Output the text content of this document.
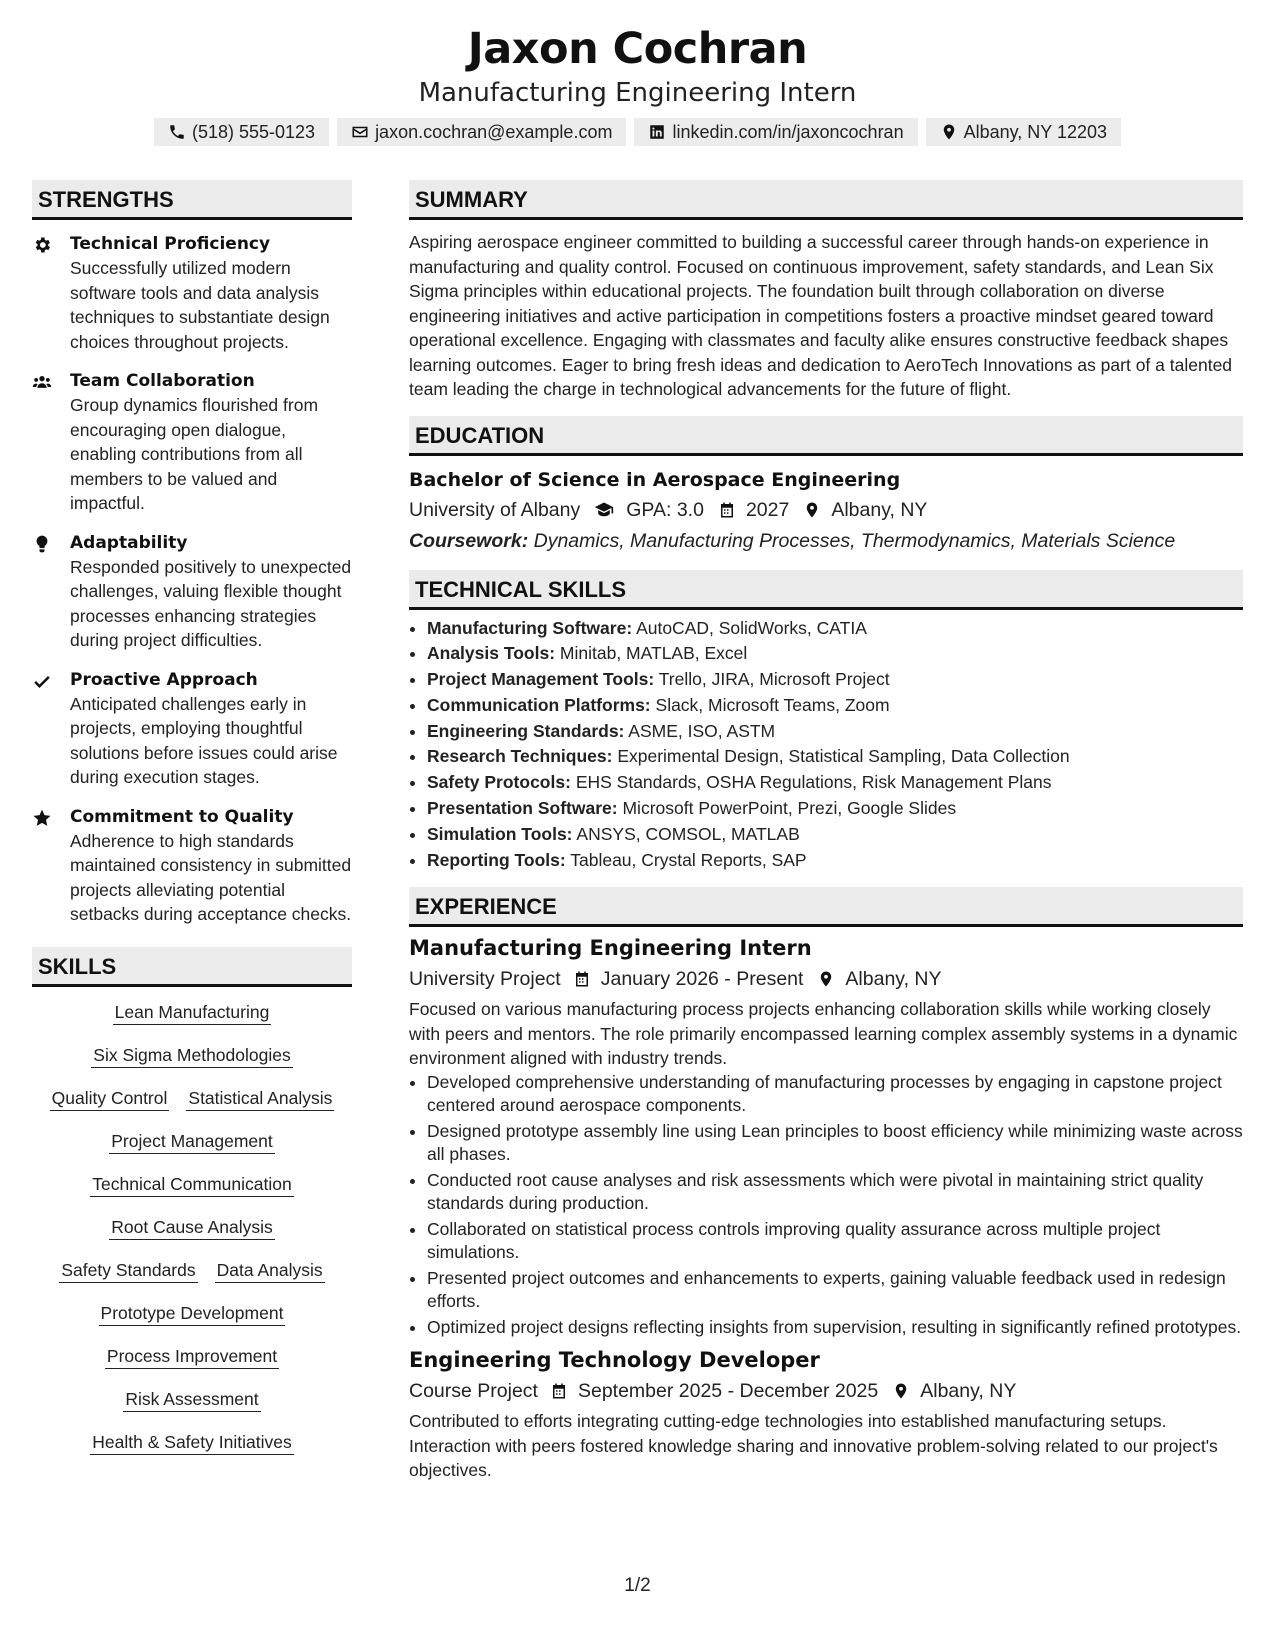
Jaxon Cochran

Manufacturing Engineering Intern

(518) 555-0123	jaxon.cochran@example.com	linkedin.com/in/jaxoncochran	Albany, NY 12203
STRENGTHS
Technical Proficiency
Successfully utilized modern software tools and data analysis techniques to substantiate design choices throughout projects.
Team Collaboration
Group dynamics flourished from encouraging open dialogue, enabling contributions from all members to be valued and impactful.
Adaptability
Responded positively to unexpected challenges, valuing flexible thought processes enhancing strategies during project difficulties.
Proactive Approach
Anticipated challenges early in projects, employing thoughtful solutions before issues could arise during execution stages.
Commitment to Quality
Adherence to high standards maintained consistency in submitted projects alleviating potential setbacks during acceptance checks.
SKILLS
Lean Manufacturing
Six Sigma Methodologies
Quality Control Statistical Analysis
Project Management
Technical Communication
Root Cause Analysis
Safety Standards Data Analysis
Prototype Development
Process Improvement
Risk Assessment
Health & Safety Initiatives
SUMMARY

Aspiring aerospace engineer committed to building a successful career through hands-on experience in manufacturing and quality control. Focused on continuous improvement, safety standards, and Lean Six Sigma principles within educational projects. The foundation built through collaboration on diverse engineering initiatives and active participation in competitions fosters a proactive mindset geared toward operational excellence. Engaging with classmates and faculty alike ensures constructive feedback shapes learning outcomes. Eager to bring fresh ideas and dedication to AeroTech Innovations as part of a talented team leading the charge in technological advancements for the future of flight.

EDUCATION
Bachelor of Science in Aerospace Engineering
University of Albany GPA: 3.0 2027 Albany, NY
Coursework: Dynamics, Manufacturing Processes, Thermodynamics, Materials Science
TECHNICAL SKILLS
• Manufacturing Software: AutoCAD, SolidWorks, CATIA
• Analysis Tools: Minitab, MATLAB, Excel
• Project Management Tools: Trello, JIRA, Microsoft Project
• Communication Platforms: Slack, Microsoft Teams, Zoom
• Engineering Standards: ASME, ISO, ASTM
• Research Techniques: Experimental Design, Statistical Sampling, Data Collection
• Safety Protocols: EHS Standards, OSHA Regulations, Risk Management Plans
• Presentation Software: Microsoft PowerPoint, Prezi, Google Slides
• Simulation Tools: ANSYS, COMSOL, MATLAB
• Reporting Tools: Tableau, Crystal Reports, SAP
EXPERIENCE
Manufacturing Engineering Intern
University Project January 2026 - Present Albany, NY

Focused on various manufacturing process projects enhancing collaboration skills while working closely with peers and mentors. The role primarily encompassed learning complex assembly systems in a dynamic environment aligned with industry trends.

• Developed comprehensive understanding of manufacturing processes by engaging in capstone project centered around aerospace components.
• Designed prototype assembly line using Lean principles to boost efficiency while minimizing waste across all phases.
• Conducted root cause analyses and risk assessments which were pivotal in maintaining strict quality standards during production.
• Collaborated on statistical process controls improving quality assurance across multiple project simulations.
• Presented project outcomes and enhancements to experts, gaining valuable feedback used in redesign efforts.
• Optimized project designs reflecting insights from supervision, resulting in significantly refined prototypes.
Engineering Technology Developer
Course Project September 2025 - December 2025 Albany, NY

Contributed to efforts integrating cutting-edge technologies into established manufacturing setups. Interaction with peers fostered knowledge sharing and innovative problem-solving related to our project's objectives.

1/2
